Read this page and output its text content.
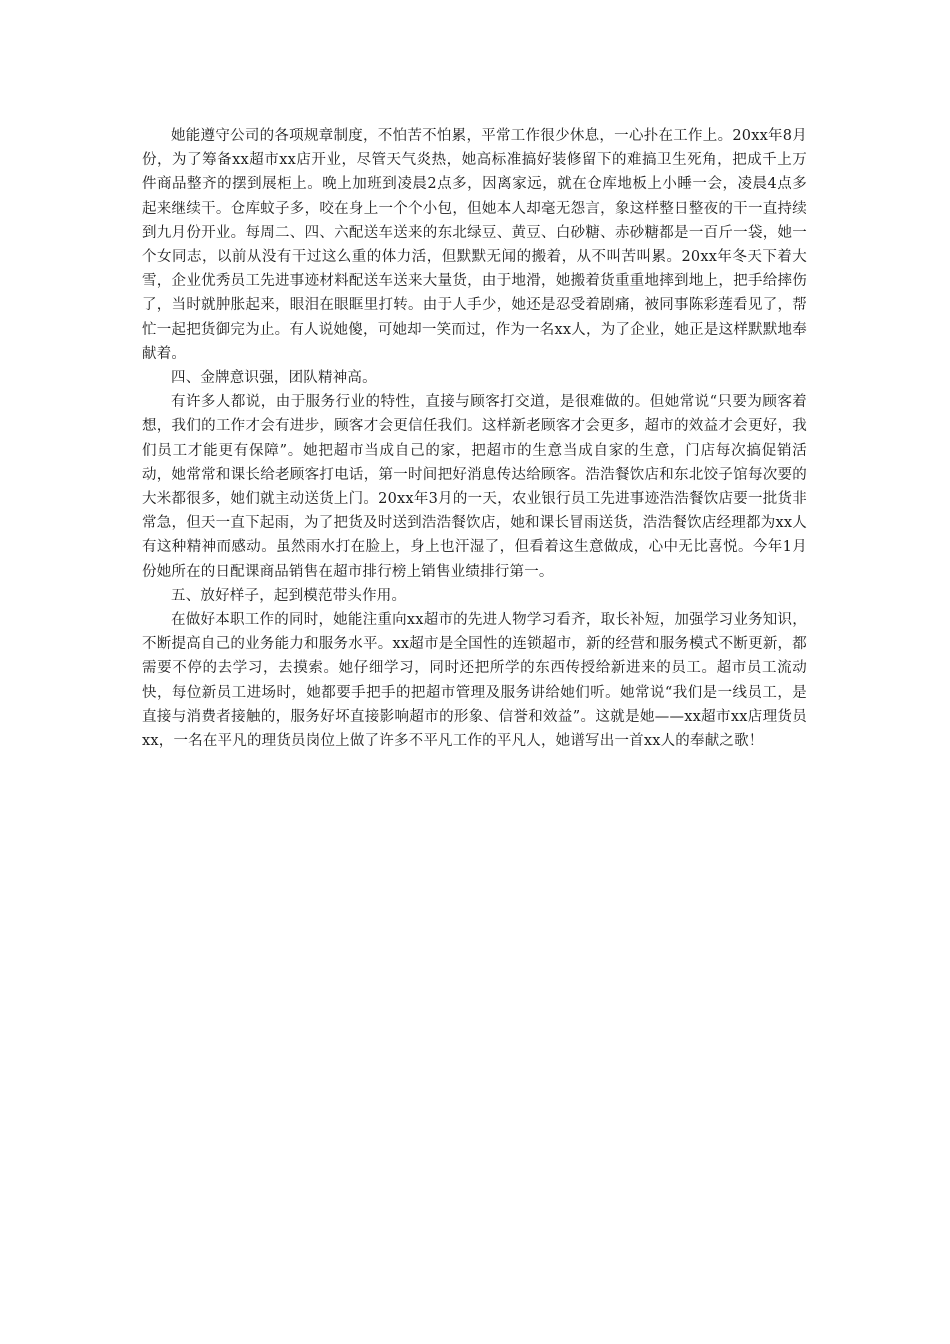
她能遵守公司的各项规章制度，不怕苦不怕累，平常工作很少休息，一心扑在工作上。20xx年8月份，为了筹备xx超市xx店开业，尽管天气炎热，她高标准搞好装修留下的难搞卫生死角，把成千上万件商品整齐的摆到展柜上。晚上加班到凌晨2点多，因离家远，就在仓库地板上小睡一会，凌晨4点多起来继续干。仓库蚊子多，咬在身上一个个小包，但她本人却毫无怨言，象这样整日整夜的干一直持续到九月份开业。每周二、四、六配送车送来的东北绿豆、黄豆、白砂糖、赤砂糖都是一百斤一袋，她一个女同志，以前从没有干过这么重的体力活，但默默无闻的搬着，从不叫苦叫累。20xx年冬天下着大雪，企业优秀员工先进事迹材料配送车送来大量货，由于地滑，她搬着货重重地摔到地上，把手给摔伤了，当时就肿胀起来，眼泪在眼眶里打转。由于人手少，她还是忍受着剧痛，被同事陈彩莲看见了，帮忙一起把货御完为止。有人说她傻，可她却一笑而过，作为一名xx人，为了企业，她正是这样默默地奉献着。

四、金牌意识强，团队精神高。

有许多人都说，由于服务行业的特性，直接与顾客打交道，是很难做的。但她常说“只要为顾客着想，我们的工作才会有进步，顾客才会更信任我们。这样新老顾客才会更多，超市的效益才会更好，我们员工才能更有保障”。她把超市当成自己的家，把超市的生意当成自家的生意，门店每次搞促销活动，她常常和课长给老顾客打电话，第一时间把好消息传达给顾客。浩浩餐饮店和东北饺子馆每次要的大米都很多，她们就主动送货上门。20xx年3月的一天，农业银行员工先进事迹浩浩餐饮店要一批货非常急，但天一直下起雨，为了把货及时送到浩浩餐饮店，她和课长冒雨送货，浩浩餐饮店经理都为xx人有这种精神而感动。虽然雨水打在脸上，身上也汗湿了，但看着这生意做成，心中无比喜悦。今年1月份她所在的日配课商品销售在超市排行榜上销售业绩排行第一。

五、放好样子，起到模范带头作用。

在做好本职工作的同时，她能注重向xx超市的先进人物学习看齐，取长补短，加强学习业务知识，不断提高自己的业务能力和服务水平。xx超市是全国性的连锁超市，新的经营和服务模式不断更新，都需要不停的去学习，去摸索。她仔细学习，同时还把所学的东西传授给新进来的员工。超市员工流动快，每位新员工进场时，她都要手把手的把超市管理及服务讲给她们听。她常说“我们是一线员工，是直接与消费者接触的，服务好坏直接影响超市的形象、信誉和效益”。这就是她——xx超市xx店理货员xx，一名在平凡的理货员岗位上做了许多不平凡工作的平凡人，她谱写出一首xx人的奉献之歌！
